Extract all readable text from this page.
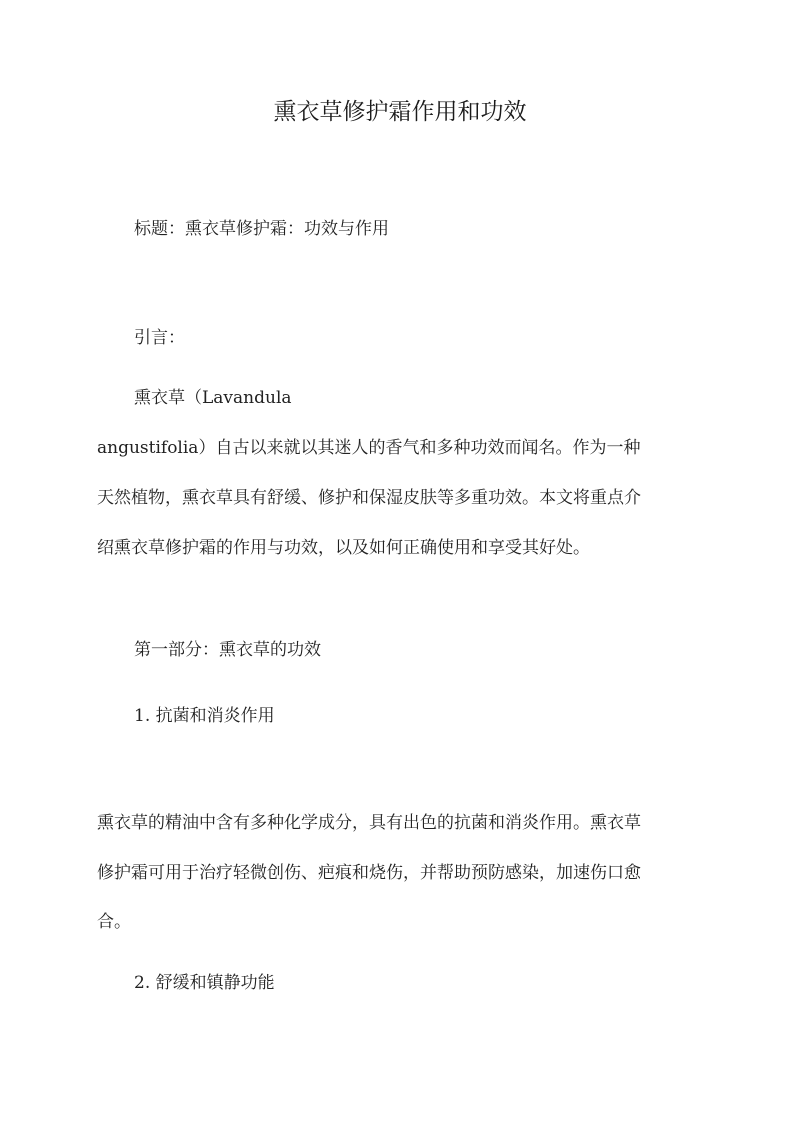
熏衣草修护霜作用和功效
标题：熏衣草修护霜：功效与作用
引言：
熏衣草（Lavandula
angustifolia）自古以来就以其迷人的香气和多种功效而闻名。作为一种
天然植物，熏衣草具有舒缓、修护和保湿皮肤等多重功效。本文将重点介
绍熏衣草修护霜的作用与功效，以及如何正确使用和享受其好处。
第一部分：熏衣草的功效
1. 抗菌和消炎作用
熏衣草的精油中含有多种化学成分，具有出色的抗菌和消炎作用。熏衣草
修护霜可用于治疗轻微创伤、疤痕和烧伤，并帮助预防感染，加速伤口愈
合。
2. 舒缓和镇静功能
